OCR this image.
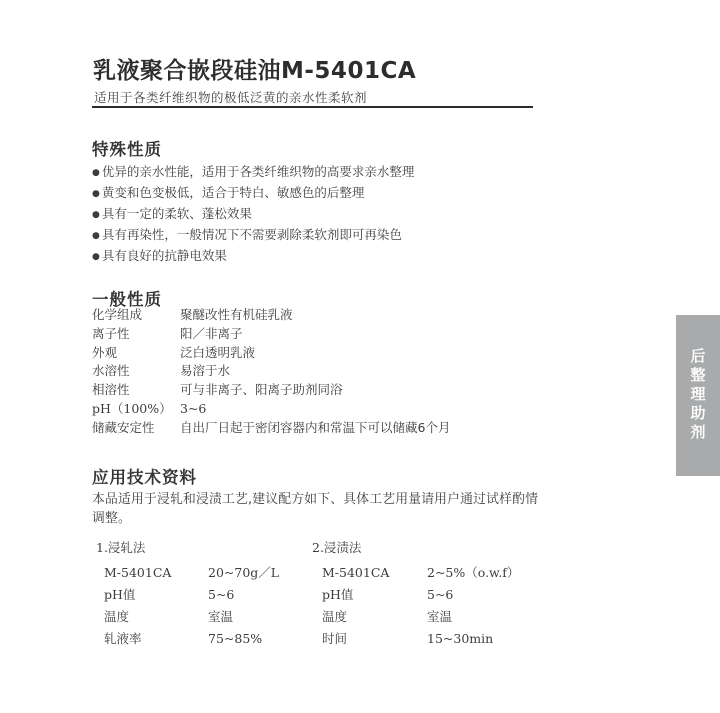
乳液聚合嵌段硅油M-5401CA
适用于各类纤维织物的极低泛黄的亲水性柔软剂
特殊性质
● 优异的亲水性能，适用于各类纤维织物的高要求亲水整理
● 黄变和色变极低，适合于特白、敏感色的后整理
● 具有一定的柔软、蓬松效果
● 具有再染性，一般情况下不需要剥除柔软剂即可再染色
● 具有良好的抗静电效果
一般性质
化学组成	聚醚改性有机硅乳液
离子性	阳／非离子
外观	泛白透明乳液
水溶性	易溶于水
相溶性	可与非离子、阳离子助剂同浴
pH（100%） 3~6
储藏安定性 自出厂日起于密闭容器内和常温下可以储藏6个月
应用技术资料
本品适用于浸轧和浸渍工艺,建议配方如下、具体工艺用量请用户通过试样酌情调整。
1.浸轧法
M-5401CA	20~70g／L
pH值	5~6
温度	室温
轧液率	75~85%
2.浸渍法
M-5401CA	2~5%（o.w.f）
pH值	5~6
温度	室温
时间	15~30min
后整理助剂
